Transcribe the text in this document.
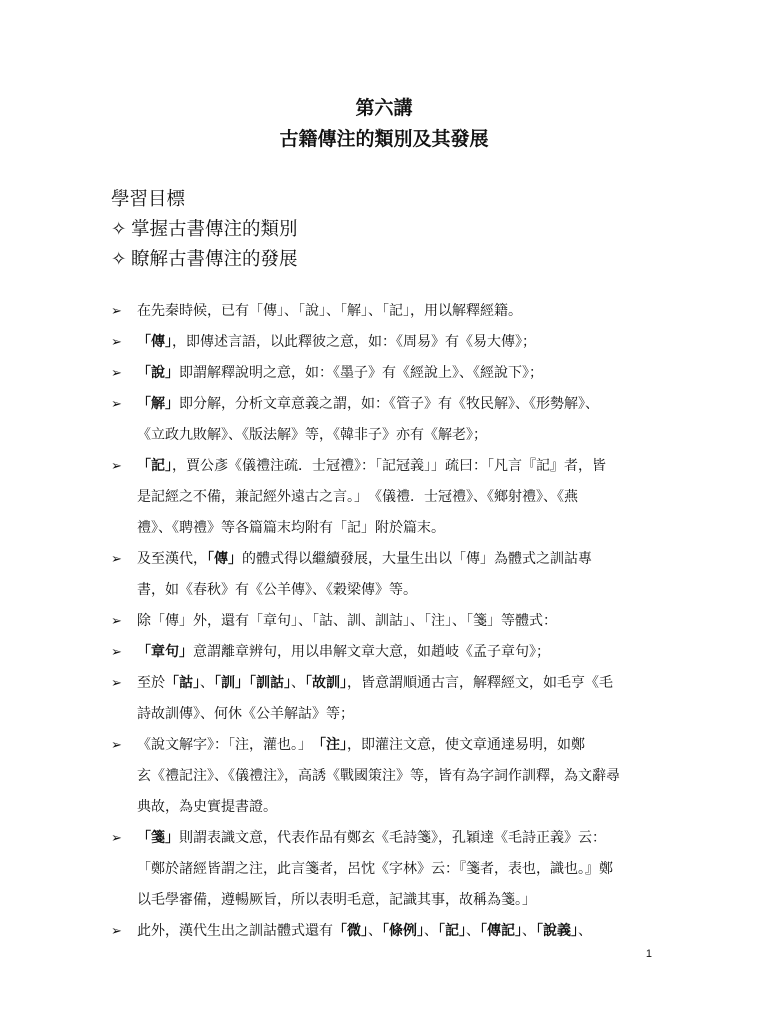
第六講

古籍傳注的類別及其發展

學習目標
✧ 掌握古書傳注的類別
✧ 瞭解古書傳注的發展
➢	在先秦時候，已有「傳」、「說」、「解」、「記」，用以解釋經籍。
➢	「傳」，即傳述言語，以此釋彼之意，如：《周易》有《易大傳》；
➢	「說」即謂解釋說明之意，如：《墨子》有《經說上》、《經說下》；
➢	「解」即分解，分析文章意義之謂，如：《管子》有《牧民解》、《形勢解》、
《立政九敗解》、《版法解》等，《韓非子》亦有《解老》；
➢	「記」，賈公彥《儀禮注疏．士冠禮》：「記冠義」」疏曰：「凡言『記』者，皆
是記經之不備，兼記經外遠古之言。」　《儀禮．士冠禮》、《鄉射禮》、《燕
禮》、《聘禮》等各篇篇末均附有「記」附於篇末。
➢	及至漢代，「傳」的體式得以繼續發展，大量生出以「傳」為體式之訓詁專
書，如《春秋》有《公羊傳》、《穀梁傳》等。
➢	除「傳」外，還有「章句」、「詁、訓、訓詁」、「注」、「箋」等體式：
➢	「章句」意謂離章辨句，用以串解文章大意，如趙岐《孟子章句》；
➢	至於「詁」、「訓」「訓詁」、「故訓」，皆意謂順通古言，解釋經文，如毛亨《毛
詩故訓傳》、何休《公羊解詁》等；
➢	《說文解字》：「注，灌也。」　「注」，即灌注文意，使文章通達易明，如鄭
玄《禮記注》、《儀禮注》，高誘《戰國策注》等，皆有為字詞作訓釋，為文辭尋
典故，為史實提書證。
➢	「箋」則謂表識文意，代表作品有鄭玄《毛詩箋》，孔穎達《毛詩正義》云：
「鄭於諸經皆謂之注，此言箋者，呂忱《字林》云：『箋者，表也，識也。』鄭
以毛學審備，遵暢厥旨，所以表明毛意，記識其事，故稱為箋。」
➢	此外，漢代生出之訓詁體式還有「微」、「條例」、「記」、「傳記」、「說義」、
1
